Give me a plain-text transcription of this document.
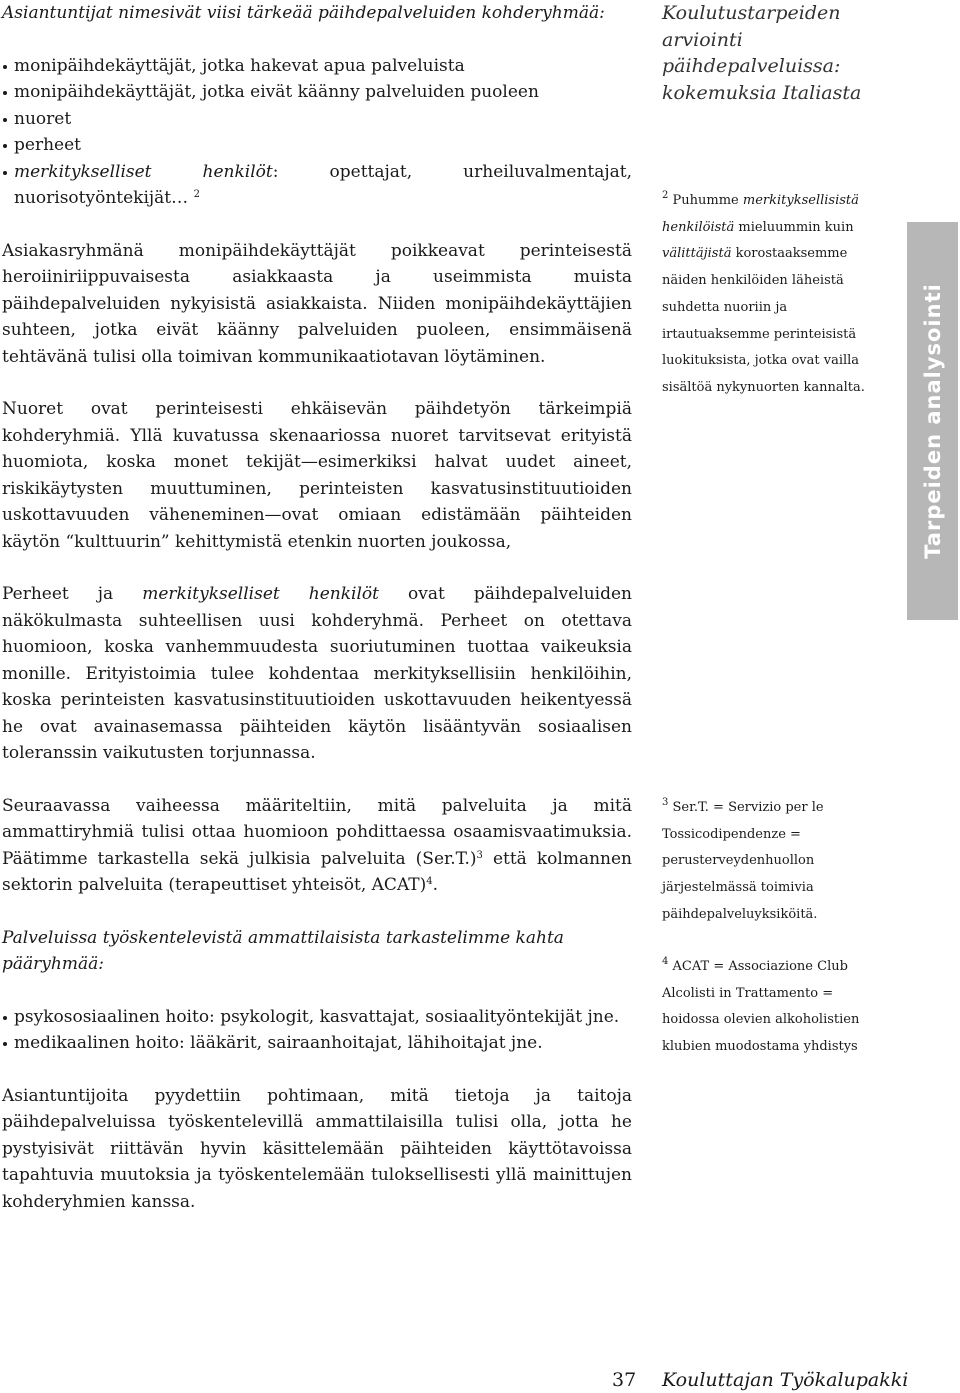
Asiantuntijat nimesivät viisi tärkeää päihdepalveluiden kohderyhmää:

monipäihdekäyttäjät, jotka hakevat apua palveluista
monipäihdekäyttäjät, jotka eivät käänny palveluiden puoleen
nuoret
perheet
merkitykselliset	henkilöt: opettajat, urheiluvalmentajat, nuorisotyöntekijät… $^2$

Asiakasryhmänä monipäihdekäyttäjät poikkeavat perinteisestä heroiiniriippuvaisesta asiakkaasta ja useimmista muista päihdepalveluiden nykyisistä asiakkaista. Niiden monipäihdekäyttäjien suhteen, jotka eivät käänny palveluiden puoleen, ensimmäisenä tehtävänä tulisi olla toimivan kommunikaatiotavan löytäminen.

Nuoret ovat perinteisesti ehkäisevän päihdetyön tärkeimpiä kohderyhmiä. Yllä kuvatussa skenaariossa nuoret tarvitsevat erityistä huomiota, koska monet tekijät—esimerkiksi halvat uudet aineet, riskikäytysten muuttuminen, perinteisten kasvatusinstituutioiden uskottavuuden väheneminen—ovat omiaan edistämään päihteiden käytön “kulttuurin” kehittymistä etenkin nuorten joukossa,

Perheet ja merkitykselliset henkilöt ovat päihdepalveluiden näkökulmasta suhteellisen uusi kohderyhmä. Perheet on otettava huomioon, koska vanhemmuudesta suoriutuminen tuottaa vaikeuksia monille. Erityistoimia tulee kohdentaa merkityksellisiin henkilöihin, koska perinteisten kasvatusinstituutioiden uskottavuuden heikentyessä he ovat avainasemassa päihteiden käytön lisääntyvän sosiaalisen toleranssin vaikutusten torjunnassa.

Seuraavassa vaiheessa määriteltiin, mitä palveluita ja mitä ammattiryhmiä tulisi ottaa huomioon pohdittaessa osaamisvaatimuksia. Päätimme tarkastella sekä julkisia palveluita $(Ser.T.)^3$ että kolmannen sektorin palveluita (terapeuttiset yhteisöt, ACAT)$^4$.

Palveluissa työskentelevistä ammattilaisista tarkastelimme kahta pääryhmää:

psykososiaalinen hoito: psykologit, kasvattajat, sosiaalityöntekijät jne.
medikaalinen hoito: lääkärit, sairaanhoitajat, lähihoitajat jne.

Asiantuntijoita pyydettiin pohtimaan, mitä tietoja ja taitoja päihdepalveluissa työskentelevillä ammattilaisilla tulisi olla, jotta he pystyisivät riittävän hyvin käsittelemään päihteiden käyttötavoissa tapahtuvia muutoksia ja työskentelemään tuloksellisesti yllä mainittujen kohderyhmien kanssa.

Koulutustarpeiden arviointi päihdepalveluissa: kokemuksia Italiasta
$^2$ Puhumme merkityksellisistä henkilöistä mieluummin kuin välittäjistä korostaaksemme näiden henkilöiden läheistä suhdetta nuoriin ja irtautuaksemme perinteisistä luokituksista, jotka ovat vailla sisältöä nykynuorten kannalta.
$^3$ Ser.T. = Servizio per le Tossicodipendenze = perusterveydenhuollon järjestelmässä toimivia päihdepalveluyksiköitä.
$^4$ ACAT = Associazione Club Alcolisti in Trattamento = hoidossa olevien alkoholistien klubien muodostama yhdistys
Tarpeiden analysointi
37 Kouluttajan Työkalupakki
